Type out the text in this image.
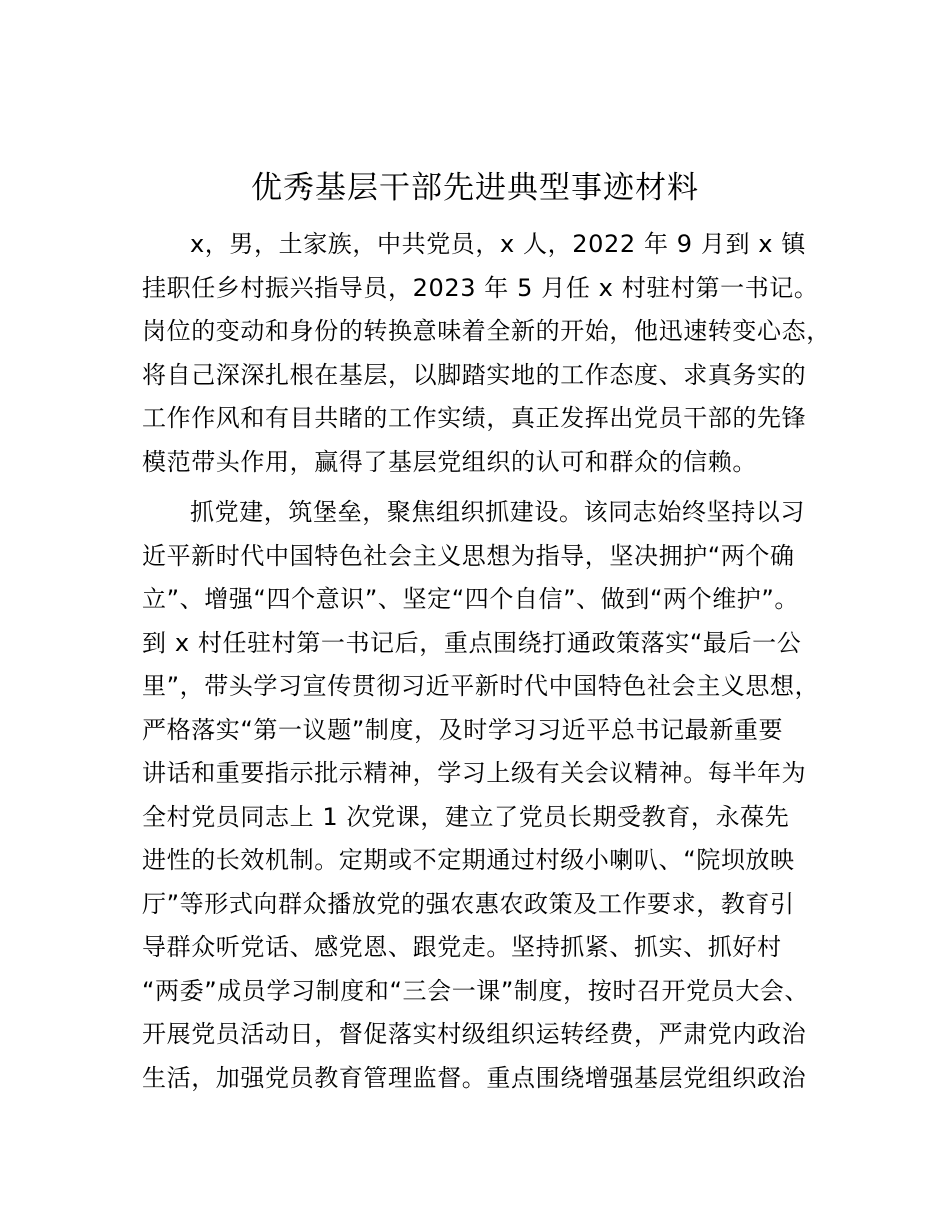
优秀基层干部先进典型事迹材料
x，男，土家族，中共党员，x 人，2022 年 9 月到 x 镇
挂职任乡村振兴指导员，2023 年 5 月任 x 村驻村第一书记。
岗位的变动和身份的转换意味着全新的开始，他迅速转变心态，
将自己深深扎根在基层，以脚踏实地的工作态度、求真务实的
工作作风和有目共睹的工作实绩，真正发挥出党员干部的先锋
模范带头作用，赢得了基层党组织的认可和群众的信赖。
抓党建，筑堡垒，聚焦组织抓建设。该同志始终坚持以习
近平新时代中国特色社会主义思想为指导，坚决拥护“两个确
立”、增强“四个意识”、坚定“四个自信”、做到“两个维护”。
到 x 村任驻村第一书记后，重点围绕打通政策落实“最后一公
里”，带头学习宣传贯彻习近平新时代中国特色社会主义思想，
严格落实“第一议题”制度，及时学习习近平总书记最新重要
讲话和重要指示批示精神，学习上级有关会议精神。每半年为
全村党员同志上 1 次党课，建立了党员长期受教育，永葆先
进性的长效机制。定期或不定期通过村级小喇叭、“院坝放映
厅”等形式向群众播放党的强农惠农政策及工作要求，教育引
导群众听党话、感党恩、跟党走。坚持抓紧、抓实、抓好村
“两委”成员学习制度和“三会一课”制度，按时召开党员大会、
开展党员活动日，督促落实村级组织运转经费，严肃党内政治
生活，加强党员教育管理监督。重点围绕增强基层党组织政治
